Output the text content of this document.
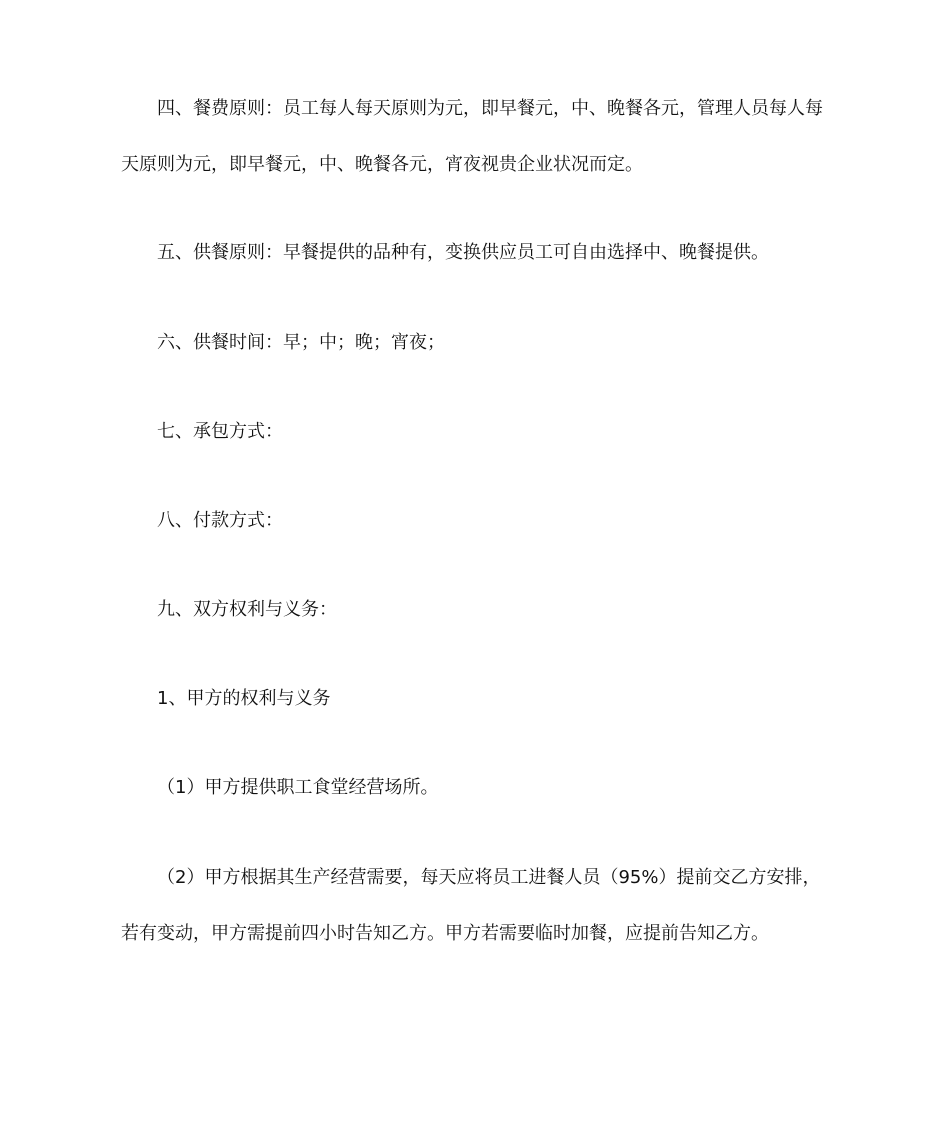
四、餐费原则：员工每人每天原则为元，即早餐元，中、晚餐各元，管理人员每人每
天原则为元，即早餐元，中、晚餐各元，宵夜视贵企业状况而定。
五、供餐原则：早餐提供的品种有，变换供应员工可自由选择中、晚餐提供。
六、供餐时间：早；中；晚；宵夜；
七、承包方式：
八、付款方式：
九、双方权利与义务：
1、甲方的权利与义务
（1）甲方提供职工食堂经营场所。
（2）甲方根据其生产经营需要，每天应将员工进餐人员（95%）提前交乙方安排，
若有变动，甲方需提前四小时告知乙方。甲方若需要临时加餐，应提前告知乙方。
